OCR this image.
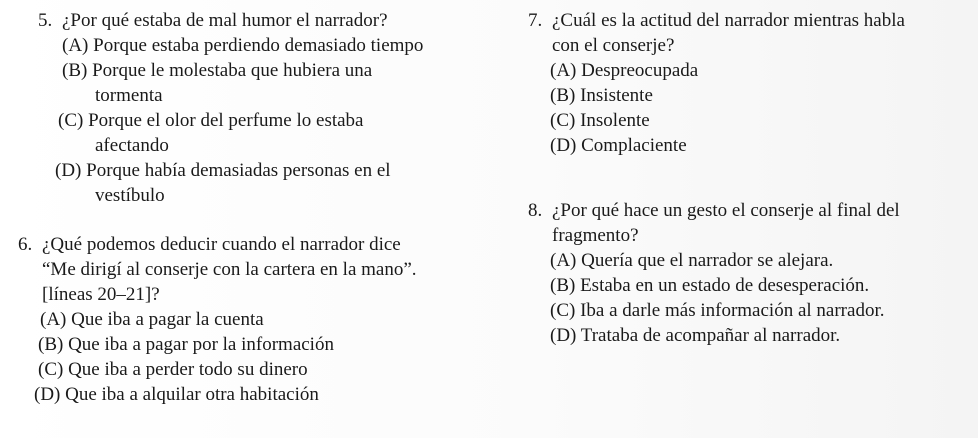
5. ¿Por qué estaba de mal humor el narrador?
(A) Porque estaba perdiendo demasiado tiempo
(B) Porque le molestaba que hubiera una
tormenta
(C) Porque el olor del perfume lo estaba
afectando
(D) Porque había demasiadas personas en el
vestíbulo
6. ¿Qué podemos deducir cuando el narrador dice
“Me dirigí al conserje con la cartera en la mano”.
[líneas 20–21]?
(A) Que iba a pagar la cuenta
(B) Que iba a pagar por la información
(C) Que iba a perder todo su dinero
(D) Que iba a alquilar otra habitación
7. ¿Cuál es la actitud del narrador mientras habla
con el conserje?
(A) Despreocupada
(B) Insistente
(C) Insolente
(D) Complaciente
8. ¿Por qué hace un gesto el conserje al final del
fragmento?
(A) Quería que el narrador se alejara.
(B) Estaba en un estado de desesperación.
(C) Iba a darle más información al narrador.
(D) Trataba de acompañar al narrador.
